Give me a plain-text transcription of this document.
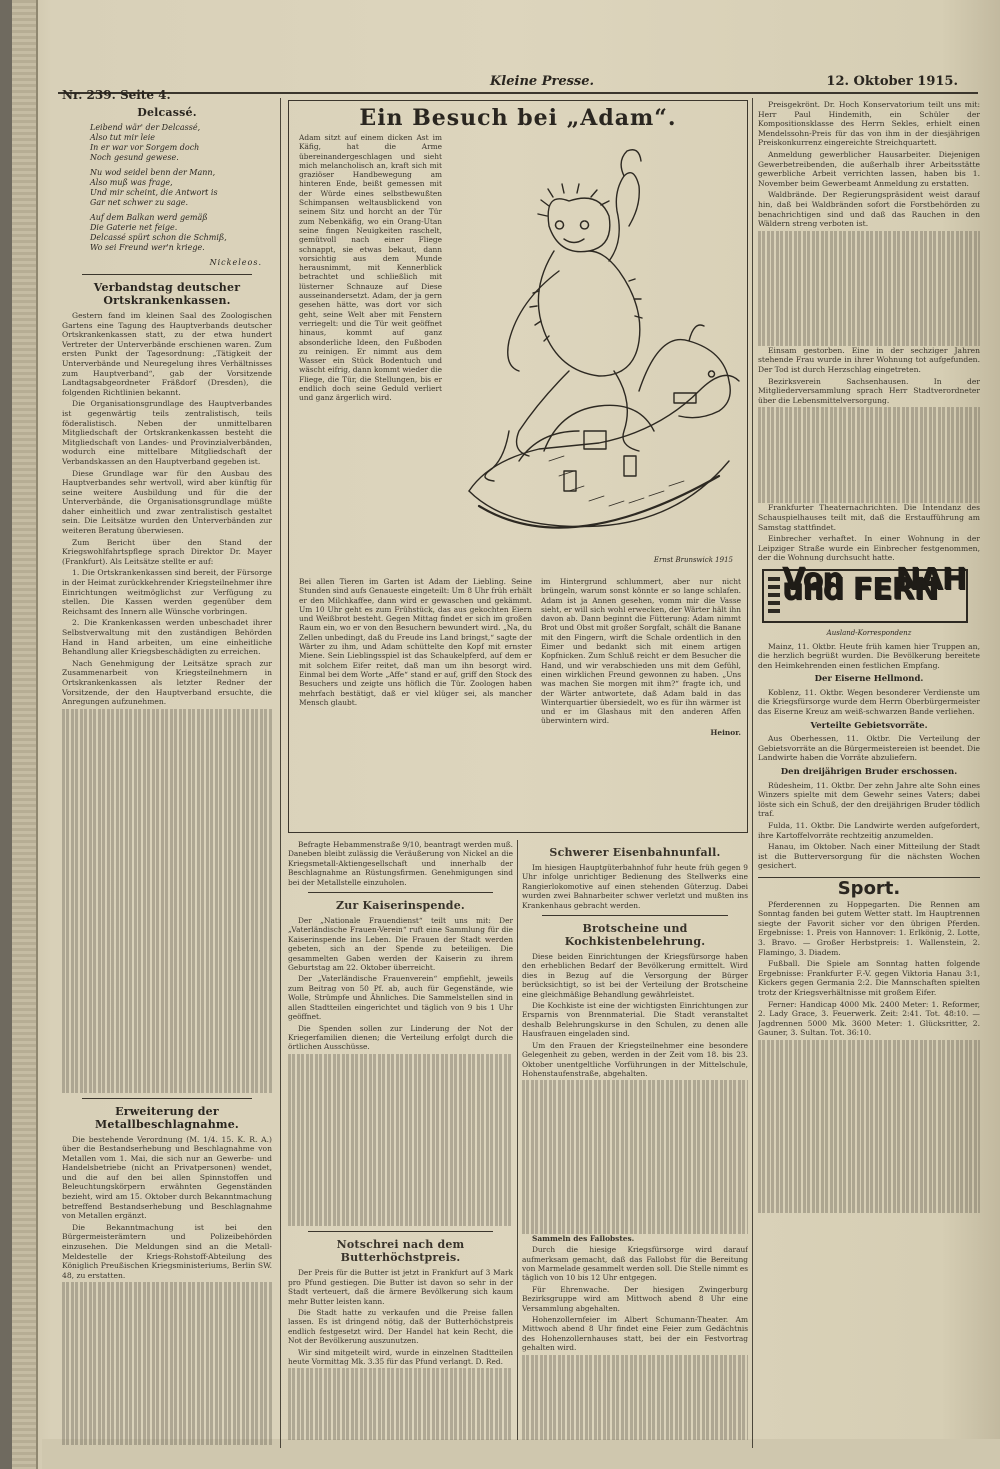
Nr. 239. Seite 4.
Kleine Presse.	12. Oktober 1915.
Delcassé.
Leibend wär' der Delcassé,
Also tut mir leie
In er war vor Sorgem doch
Noch gesund gewese.
Nu wod seidel benn der Mann,
Also muß was frage,
Und mir scheint, die Antwort is
Gar net schwer zu sage.
Auf dem Balkan werd gemäß
Die Gaterie net feige.
Delcassé spürt schon die Schmiß,
Wo sei Freund wer'n kriege.
Nickeleos.
Verbandstag deutscher Ortskrankenkassen.

Gestern fand im kleinen Saal des Zoologischen Gartens eine Tagung des Hauptverbands deutscher Ortskrankenkassen statt, zu der etwa hundert Vertreter der Unterverbände erschienen waren. Zum ersten Punkt der Tagesordnung: „Tätigkeit der Unterverbände und Neuregelung ihres Verhältnisses zum Hauptverband“, gab der Vorsitzende Landtagsabgeordneter Fräßdorf (Dresden), die folgenden Richtlinien bekannt.

Die Organisationsgrundlage des Hauptverbandes ist gegenwärtig teils zentralistisch, teils föderalistisch. Neben der unmittelbaren Mitgliedschaft der Ortskrankenkassen besteht die Mitgliedschaft von Landes- und Provinzialverbänden, wodurch eine mittelbare Mitgliedschaft der Verbandskassen an den Hauptverband gegeben ist.

Diese Grundlage war für den Ausbau des Hauptverbandes sehr wertvoll, wird aber künftig für seine weitere Ausbildung und für die der Unterverbände, die Organisationsgrundlage müßte daher einheitlich und zwar zentralistisch gestaltet sein. Die Leitsätze wurden den Unterverbänden zur weiteren Beratung überwiesen.

Zum Bericht über den Stand der Kriegswohlfahrtspflege sprach Direktor Dr. Mayer (Frankfurt). Als Leitsätze stellte er auf:

1. Die Ortskrankenkassen sind bereit, der Fürsorge in der Heimat zurückkehrender Kriegsteilnehmer ihre Einrichtungen weitmöglichst zur Verfügung zu stellen. Die Kassen werden gegenüber dem Reichsamt des Innern alle Wünsche vorbringen.

2. Die Krankenkassen werden unbeschadet ihrer Selbstverwaltung mit den zuständigen Behörden Hand in Hand arbeiten, um eine einheitliche Behandlung aller Kriegsbeschädigten zu erreichen.

Nach Genehmigung der Leitsätze sprach zur Zusammenarbeit von Kriegsteilnehmern in Ortskrankenkassen als letzter Redner der Vorsitzende, der den Hauptverband ersuchte, die Anregungen aufzunehmen.

Erweiterung der Metallbeschlagnahme.

Die bestehende Verordnung (M. 1/4. 15. K. R. A.) über die Bestandserhebung und Beschlagnahme von Metallen vom 1. Mai, die sich nur an Gewerbe- und Handelsbetriebe (nicht an Privatpersonen) wendet, und die auf den bei allen Spinnstoffen und Beleuchtungskörpern erwähnten Gegenständen bezieht, wird am 15. Oktober durch Bekanntmachung betreffend Bestandserhebung und Beschlagnahme von Metallen ergänzt.

Die Bekanntmachung ist bei den Bürgermeisterämtern und Polizeibehörden einzusehen. Die Meldungen sind an die Metall-Meldestelle der Kriegs-Rohstoff-Abteilung des Königlich Preußischen Kriegsministeriums, Berlin SW. 48, zu erstatten.

Ein Besuch bei „Adam“.
Adam sitzt auf einem dicken Ast im Käfig, hat die Arme übereinandergeschlagen und sieht mich melancholisch an, kraft sich mit graziöser Handbewegung am hinteren Ende, beißt gemessen mit der Würde eines selbstbewußten Schimpansen weltausblickend von seinem Sitz und horcht an der Tür zum Nebenkäfig, wo ein Orang-Utan seine fingen Neuigkeiten raschelt, gemütvoll nach einer Fliege schnappt, sie etwas bekaut, dann vorsichtig aus dem Munde herausnimmt, mit Kennerblick betrachtet und schließlich mit lüsterner Schnauze auf Diese ausseinandersetzt. Adam, der ja gern gesehen hätte, was dort vor sich geht, seine Welt aber mit Fenstern verriegelt: und die Tür weit geöffnet hinaus, kommt auf ganz absonderliche Ideen, den Fußboden zu reinigen. Er nimmt aus dem Wasser ein Stück Bodentuch und wäscht eifrig, dann kommt wieder die Fliege, die Tür, die Stellungen, bis er endlich doch seine Geduld verliert und ganz ärgerlich wird.
Ernst Brunswick 1915
Bei allen Tieren im Garten ist Adam der Liebling. Seine Stunden sind aufs Genaueste eingeteilt: Um 8 Uhr früh erhält er den Milchkaffee, dann wird er gewaschen und gekämmt. Um 10 Uhr geht es zum Frühstück, das aus gekochten Eiern und Weißbrot besteht. Gegen Mittag findet er sich im großen Raum ein, wo er von den Besuchern bewundert wird. „Na, du Zellen unbedingt, daß du Freude ins Land bringst,“ sagte der Wärter zu ihm, und Adam schüttelte den Kopf mit ernster Miene. Sein Lieblingsspiel ist das Schaukelpferd, auf dem er mit solchem Eifer reitet, daß man um ihn besorgt wird. Einmal bei dem Worte „Affe“ stand er auf, griff den Stock des Besuchers und zeigte uns höflich die Tür. Zoologen haben mehrfach bestätigt, daß er viel klüger sei, als mancher Mensch glaubt.
im Hintergrund schlummert, aber nur nicht brüngeln, warum sonst könnte er so lange schlafen. Adam ist ja Annen gesehen, vomm mir die Vasse sieht, er will sich wohl erwecken, der Wärter hält ihn davon ab. Dann beginnt die Fütterung: Adam nimmt Brot und Obst mit großer Sorgfalt, schält die Banane mit den Fingern, wirft die Schale ordentlich in den Eimer und bedankt sich mit einem artigen Kopfnicken. Zum Schluß reicht er dem Besucher die Hand, und wir verabschieden uns mit dem Gefühl, einen wirklichen Freund gewonnen zu haben. „Uns was machen Sie morgen mit ihm?“ fragte ich, und der Wärter antwortete, daß Adam bald in das Winterquartier übersiedelt, wo es für ihn wärmer ist und er im Glashaus mit den anderen Affen überwintern wird.
Heinor.

Befragte Hebammenstraße 9/10, beantragt werden muß. Daneben bleibt zulässig die Veräußerung von Nickel an die Kriegsmetall-Aktiengesellschaft und innerhalb der Beschlagnahme an Rüstungsfirmen. Genehmigungen sind bei der Metallstelle einzuholen.

Zur Kaiserinspende.

Der „Nationale Frauendienst“ teilt uns mit: Der „Vaterländische Frauen-Verein“ ruft eine Sammlung für die Kaiserinspende ins Leben. Die Frauen der Stadt werden gebeten, sich an der Spende zu beteiligen. Die gesammelten Gaben werden der Kaiserin zu ihrem Geburtstag am 22. Oktober überreicht.

Der „Vaterländische Frauenverein“ empfiehlt, jeweils zum Beitrag von 50 Pf. ab, auch für Gegenstände, wie Wolle, Strümpfe und Ähnliches. Die Sammelstellen sind in allen Stadtteilen eingerichtet und täglich von 9 bis 1 Uhr geöffnet.

Die Spenden sollen zur Linderung der Not der Kriegerfamilien dienen; die Verteilung erfolgt durch die örtlichen Ausschüsse.

Notschrei nach dem Butterhöchstpreis.

Der Preis für die Butter ist jetzt in Frankfurt auf 3 Mark pro Pfund gestiegen. Die Butter ist davon so sehr in der Stadt verteuert, daß die ärmere Bevölkerung sich kaum mehr Butter leisten kann.

Die Stadt hatte zu verkaufen und die Preise fallen lassen. Es ist dringend nötig, daß der Butterhöchstpreis endlich festgesetzt wird. Der Handel hat kein Recht, die Not der Bevölkerung auszunutzen.

Wir sind mitgeteilt wird, wurde in einzelnen Stadtteilen heute Vormittag Mk. 3.35 für das Pfund verlangt. D. Red.

Schwerer Eisenbahnunfall.

Im hiesigen Hauptgüterbahnhof fuhr heute früh gegen 9 Uhr infolge unrichtiger Bedienung des Stellwerks eine Rangierlokomotive auf einen stehenden Güterzug. Dabei wurden zwei Bahnarbeiter schwer verletzt und mußten ins Krankenhaus gebracht werden.

Brotscheine und Kochkistenbelehrung.

Diese beiden Einrichtungen der Kriegsfürsorge haben den erheblichen Bedarf der Bevölkerung ermittelt. Wird dies in Bezug auf die Versorgung der Bürger berücksichtigt, so ist bei der Verteilung der Brotscheine eine gleichmäßige Behandlung gewährleistet.

Die Kochkiste ist eine der wichtigsten Einrichtungen zur Ersparnis von Brennmaterial. Die Stadt veranstaltet deshalb Belehrungskurse in den Schulen, zu denen alle Hausfrauen eingeladen sind.

Um den Frauen der Kriegsteilnehmer eine besondere Gelegenheit zu geben, werden in der Zeit vom 18. bis 23. Oktober unentgeltliche Vorführungen in der Mittelschule, Hohenstaufenstraße, abgehalten.

Sammeln des Fallobstes.

Durch die hiesige Kriegsfürsorge wird darauf aufmerksam gemacht, daß das Fallobst für die Bereitung von Marmelade gesammelt werden soll. Die Stelle nimmt es täglich von 10 bis 12 Uhr entgegen.

Für Ehrenwache. Der hiesigen Zwingerburg Bezirksgruppe wird am Mittwoch abend 8 Uhr eine Versammlung abgehalten.

Hohenzollernfeier im Albert Schumann-Theater. Am Mittwoch abend 8 Uhr findet eine Feier zum Gedächtnis des Hohenzollernhauses statt, bei der ein Festvortrag gehalten wird.

Preisgekrönt. Dr. Hoch Konservatorium teilt uns mit: Herr Paul Hindemith, ein Schüler der Kompositionsklasse des Herrn Sekles, erhielt einen Mendelssohn-Preis für das von ihm in der diesjährigen Preiskonkurrenz eingereichte Streichquartett.

Anmeldung gewerblicher Hausarbeiter. Diejenigen Gewerbetreibenden, die außerhalb ihrer Arbeitsstätte gewerbliche Arbeit verrichten lassen, haben bis 1. November beim Gewerbeamt Anmeldung zu erstatten.

Waldbrände. Der Regierungspräsident weist darauf hin, daß bei Waldbränden sofort die Forstbehörden zu benachrichtigen sind und daß das Rauchen in den Wäldern streng verboten ist.

Einsam gestorben. Eine in der sechziger Jahren stehende Frau wurde in ihrer Wohnung tot aufgefunden. Der Tod ist durch Herzschlag eingetreten.

Bezirksverein Sachsenhausen. In der Mitgliederversammlung sprach Herr Stadtverordneter über die Lebensmittelversorgung.

Frankfurter Theaternachrichten. Die Intendanz des Schauspielhauses teilt mit, daß die Erstaufführung am Samstag stattfindet.

Einbrecher verhaftet. In einer Wohnung in der Leipziger Straße wurde ein Einbrecher festgenommen, der die Wohnung durchsucht hatte.

Von NAH und FERN
Ausland-Korrespondenz

Mainz, 11. Oktbr. Heute früh kamen hier Truppen an, die herzlich begrüßt wurden. Die Bevölkerung bereitete den Heimkehrenden einen festlichen Empfang.

Der Eiserne Hellmond.

Koblenz, 11. Oktbr. Wegen besonderer Verdienste um die Kriegsfürsorge wurde dem Herrn Oberbürgermeister das Eiserne Kreuz am weiß-schwarzen Bande verliehen.

Verteilte Gebietsvorräte.

Aus Oberhessen, 11. Oktbr. Die Verteilung der Gebietsvorräte an die Bürgermeistereien ist beendet. Die Landwirte haben die Vorräte abzuliefern.

Den dreijährigen Bruder erschossen.

Rüdesheim, 11. Oktbr. Der zehn Jahre alte Sohn eines Winzers spielte mit dem Gewehr seines Vaters; dabei löste sich ein Schuß, der den dreijährigen Bruder tödlich traf.

Fulda, 11. Oktbr. Die Landwirte werden aufgefordert, ihre Kartoffelvorräte rechtzeitig anzumelden.

Hanau, im Oktober. Nach einer Mitteilung der Stadt ist die Butterversorgung für die nächsten Wochen gesichert.

Sport.

Pferderennen zu Hoppegarten. Die Rennen am Sonntag fanden bei gutem Wetter statt. Im Hauptrennen siegte der Favorit sicher vor den übrigen Pferden. Ergebnisse: 1. Preis von Hannover: 1. Erlkönig, 2. Lotte, 3. Bravo. — Großer Herbstpreis: 1. Wallenstein, 2. Flamingo, 3. Diadem.

Fußball. Die Spiele am Sonntag hatten folgende Ergebnisse: Frankfurter F.-V. gegen Viktoria Hanau 3:1, Kickers gegen Germania 2:2. Die Mannschaften spielten trotz der Kriegsverhältnisse mit großem Eifer.

Ferner: Handicap 4000 Mk. 2400 Meter: 1. Reformer, 2. Lady Grace, 3. Feuerwerk. Zeit: 2:41. Tot. 48:10. — Jagdrennen 5000 Mk. 3600 Meter: 1. Glücksritter, 2. Gauner, 3. Sultan. Tot. 36:10.
